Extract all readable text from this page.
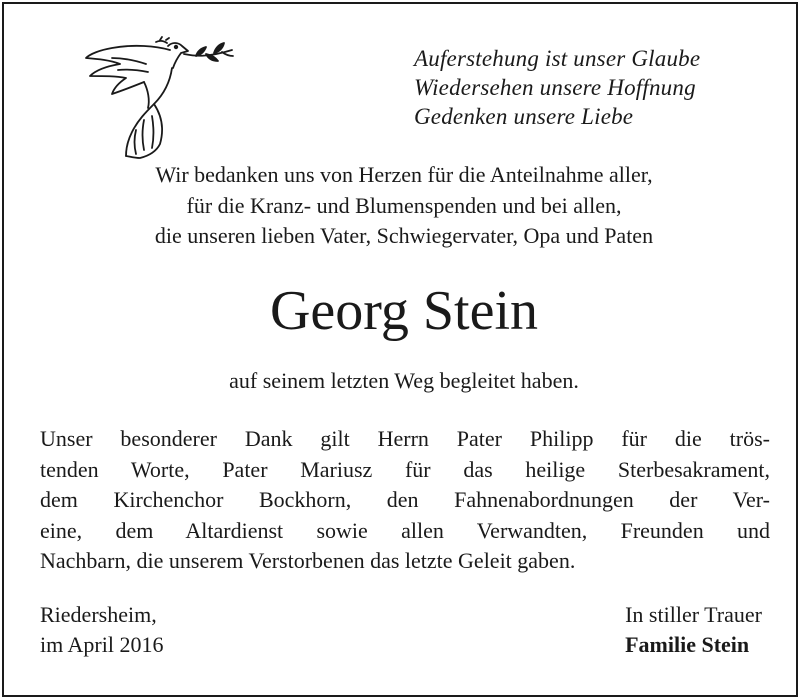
Auferstehung ist unser Glaube
Wiedersehen unsere Hoffnung
Gedenken unsere Liebe
Wir bedanken uns von Herzen für die Anteilnahme aller,
für die Kranz- und Blumenspenden und bei allen,
die unseren lieben Vater, Schwiegervater, Opa und Paten
Georg Stein
auf seinem letzten Weg begleitet haben.
Unser besonderer Dank gilt Herrn Pater Philipp für die trös-
tenden Worte, Pater Mariusz für das heilige Sterbesakrament,
dem Kirchenchor Bockhorn, den Fahnenabordnungen der Ver-
eine, dem Altardienst sowie allen Verwandten, Freunden und
Nachbarn, die unserem Verstorbenen das letzte Geleit gaben.
Riedersheim,
im April 2016
In stiller Trauer
Familie Stein
